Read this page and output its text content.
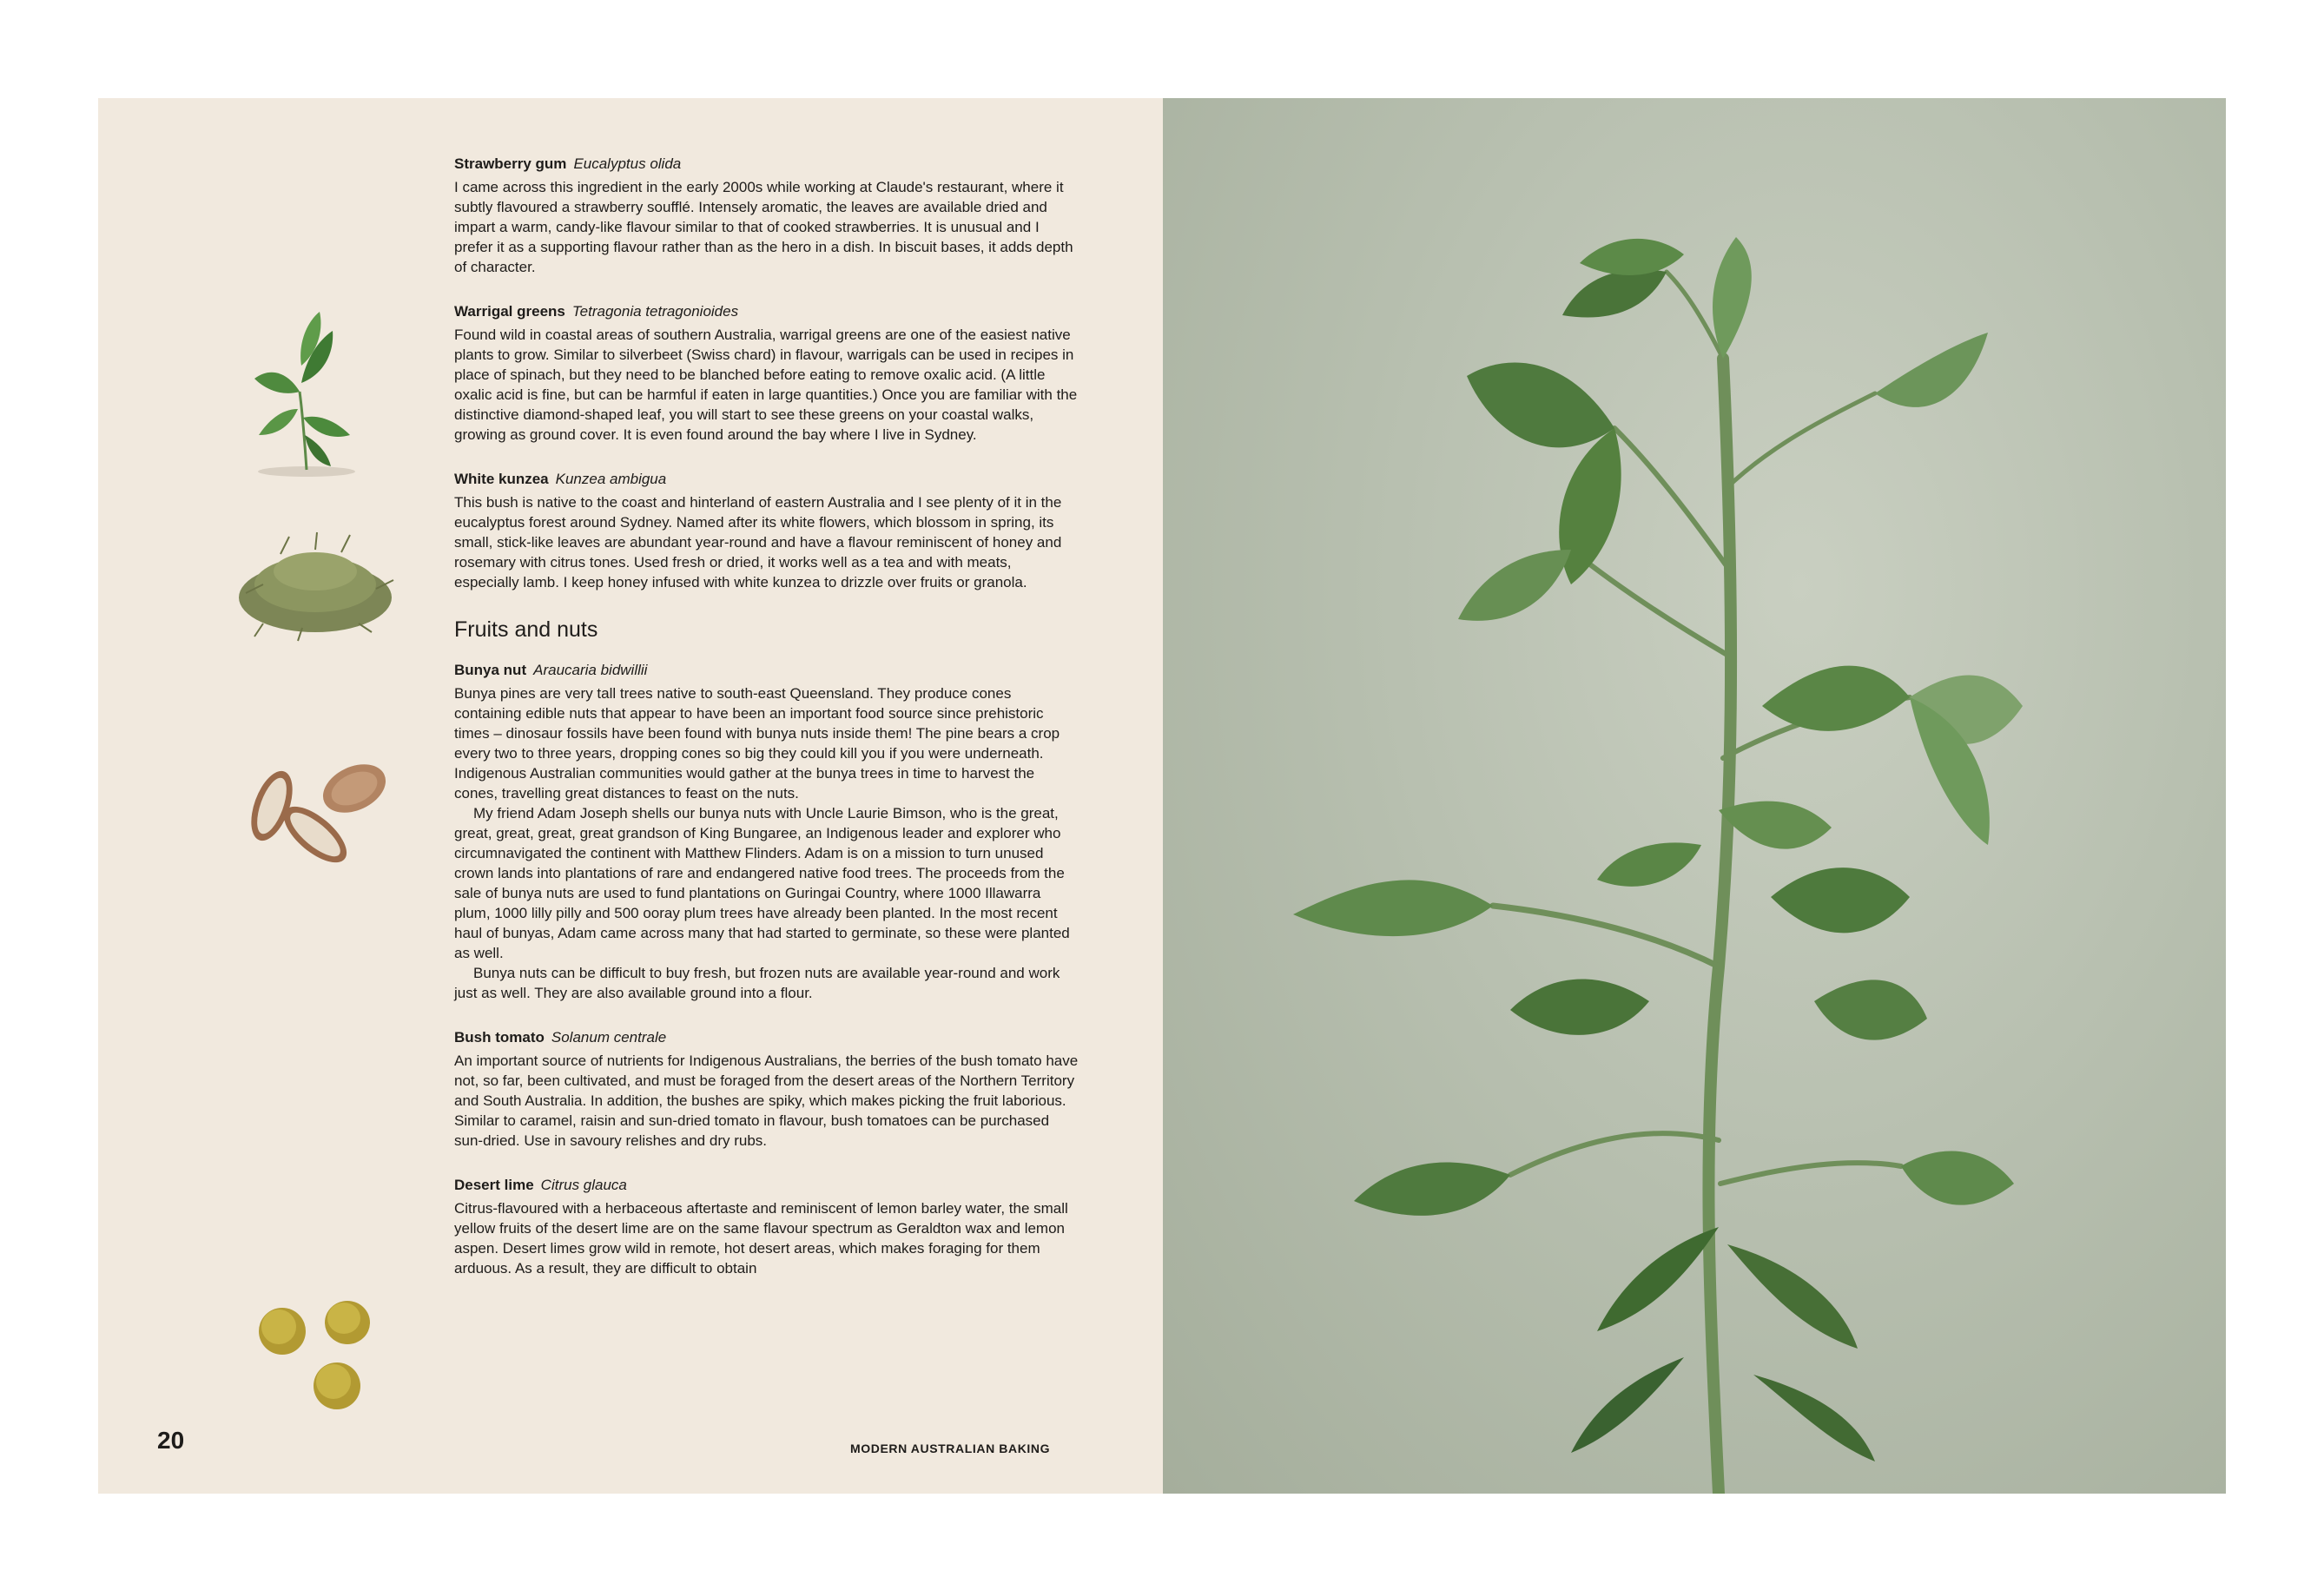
Strawberry gum Eucalyptus olida

I came across this ingredient in the early 2000s while working at Claude's restaurant, where it subtly flavoured a strawberry soufflé. Intensely aromatic, the leaves are available dried and impart a warm, candy-like flavour similar to that of cooked strawberries. It is unusual and I prefer it as a supporting flavour rather than as the hero in a dish. In biscuit bases, it adds depth of character.

Warrigal greens Tetragonia tetragonioides

Found wild in coastal areas of southern Australia, warrigal greens are one of the easiest native plants to grow. Similar to silverbeet (Swiss chard) in flavour, warrigals can be used in recipes in place of spinach, but they need to be blanched before eating to remove oxalic acid. (A little oxalic acid is fine, but can be harmful if eaten in large quantities.) Once you are familiar with the distinctive diamond-shaped leaf, you will start to see these greens on your coastal walks, growing as ground cover. It is even found around the bay where I live in Sydney.

White kunzea Kunzea ambigua

This bush is native to the coast and hinterland of eastern Australia and I see plenty of it in the eucalyptus forest around Sydney. Named after its white flowers, which blossom in spring, its small, stick-like leaves are abundant year-round and have a flavour reminiscent of honey and rosemary with citrus tones. Used fresh or dried, it works well as a tea and with meats, especially lamb. I keep honey infused with white kunzea to drizzle over fruits or granola.

Fruits and nuts
Bunya nut Araucaria bidwillii

Bunya pines are very tall trees native to south-east Queensland. They produce cones containing edible nuts that appear to have been an important food source since prehistoric times – dinosaur fossils have been found with bunya nuts inside them! The pine bears a crop every two to three years, dropping cones so big they could kill you if you were underneath. Indigenous Australian communities would gather at the bunya trees in time to harvest the cones, travelling great distances to feast on the nuts.

My friend Adam Joseph shells our bunya nuts with Uncle Laurie Bimson, who is the great, great, great, great, great grandson of King Bungaree, an Indigenous leader and explorer who circumnavigated the continent with Matthew Flinders. Adam is on a mission to turn unused crown lands into plantations of rare and endangered native food trees. The proceeds from the sale of bunya nuts are used to fund plantations on Guringai Country, where 1000 Illawarra plum, 1000 lilly pilly and 500 ooray plum trees have already been planted. In the most recent haul of bunyas, Adam came across many that had started to germinate, so these were planted as well.

Bunya nuts can be difficult to buy fresh, but frozen nuts are available year-round and work just as well. They are also available ground into a flour.

Bush tomato Solanum centrale

An important source of nutrients for Indigenous Australians, the berries of the bush tomato have not, so far, been cultivated, and must be foraged from the desert areas of the Northern Territory and South Australia. In addition, the bushes are spiky, which makes picking the fruit laborious. Similar to caramel, raisin and sun-dried tomato in flavour, bush tomatoes can be purchased sun-dried. Use in savoury relishes and dry rubs.

Desert lime Citrus glauca

Citrus-flavoured with a herbaceous aftertaste and reminiscent of lemon barley water, the small yellow fruits of the desert lime are on the same flavour spectrum as Geraldton wax and lemon aspen. Desert limes grow wild in remote, hot desert areas, which makes foraging for them arduous. As a result, they are difficult to obtain

20	MODERN AUSTRALIAN BAKING
